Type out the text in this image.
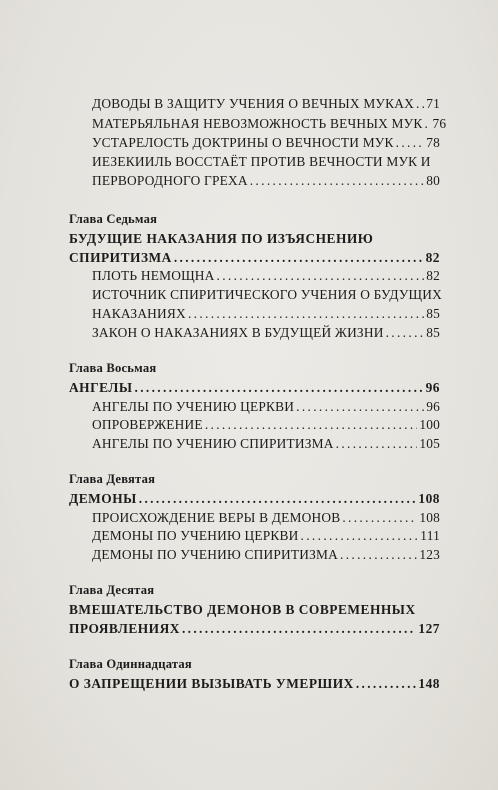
ДОВОДЫ В ЗАЩИТУ УЧЕНИЯ О ВЕЧНЫХ МУКАХ . . . 71
МАТЕРЬЯЛЬНАЯ НЕВОЗМОЖНОСТЬ ВЕЧНЫХ МУК . . . 76
УСТАРЕЛОСТЬ ДОКТРИНЫ О ВЕЧНОСТИ МУК . . . 78
ИЕЗЕКИИЛЬ ВОССТАЁТ ПРОТИВ ВЕЧНОСТИ МУК И
ПЕРВОРОДНОГО ГРЕХА . . .	80
Глава Седьмая
БУДУЩИЕ НАКАЗАНИЯ ПО ИЗЪЯСНЕНИЮ
СПИРИТИЗМА . . .	82
ПЛОТЬ НЕМОЩНА . . .	82
ИСТОЧНИК СПИРИТИЧЕСКОГО УЧЕНИЯ О БУДУЩИХ
НАКАЗАНИЯХ . . .	85
ЗАКОН О НАКАЗАНИЯХ В БУДУЩЕЙ ЖИЗНИ . . .	85
Глава Восьмая
АНГЕЛЫ . . .	96
АНГЕЛЫ ПО УЧЕНИЮ ЦЕРКВИ . . .	96
ОПРОВЕРЖЕНИЕ . . .	100
АНГЕЛЫ ПО УЧЕНИЮ СПИРИТИЗМА . . .	105
Глава Девятая
ДЕМОНЫ . . .	108
ПРОИСХОЖДЕНИЕ ВЕРЫ В ДЕМОНОВ . . .	108
ДЕМОНЫ ПО УЧЕНИЮ ЦЕРКВИ . . .	111
ДЕМОНЫ ПО УЧЕНИЮ СПИРИТИЗМА . . .	123
Глава Десятая
ВМЕШАТЕЛЬСТВО ДЕМОНОВ В СОВРЕМЕННЫХ
ПРОЯВЛЕНИЯХ . . .	127
Глава Одиннадцатая
О ЗАПРЕЩЕНИИ ВЫЗЫВАТЬ УМЕРШИХ . . .	148
